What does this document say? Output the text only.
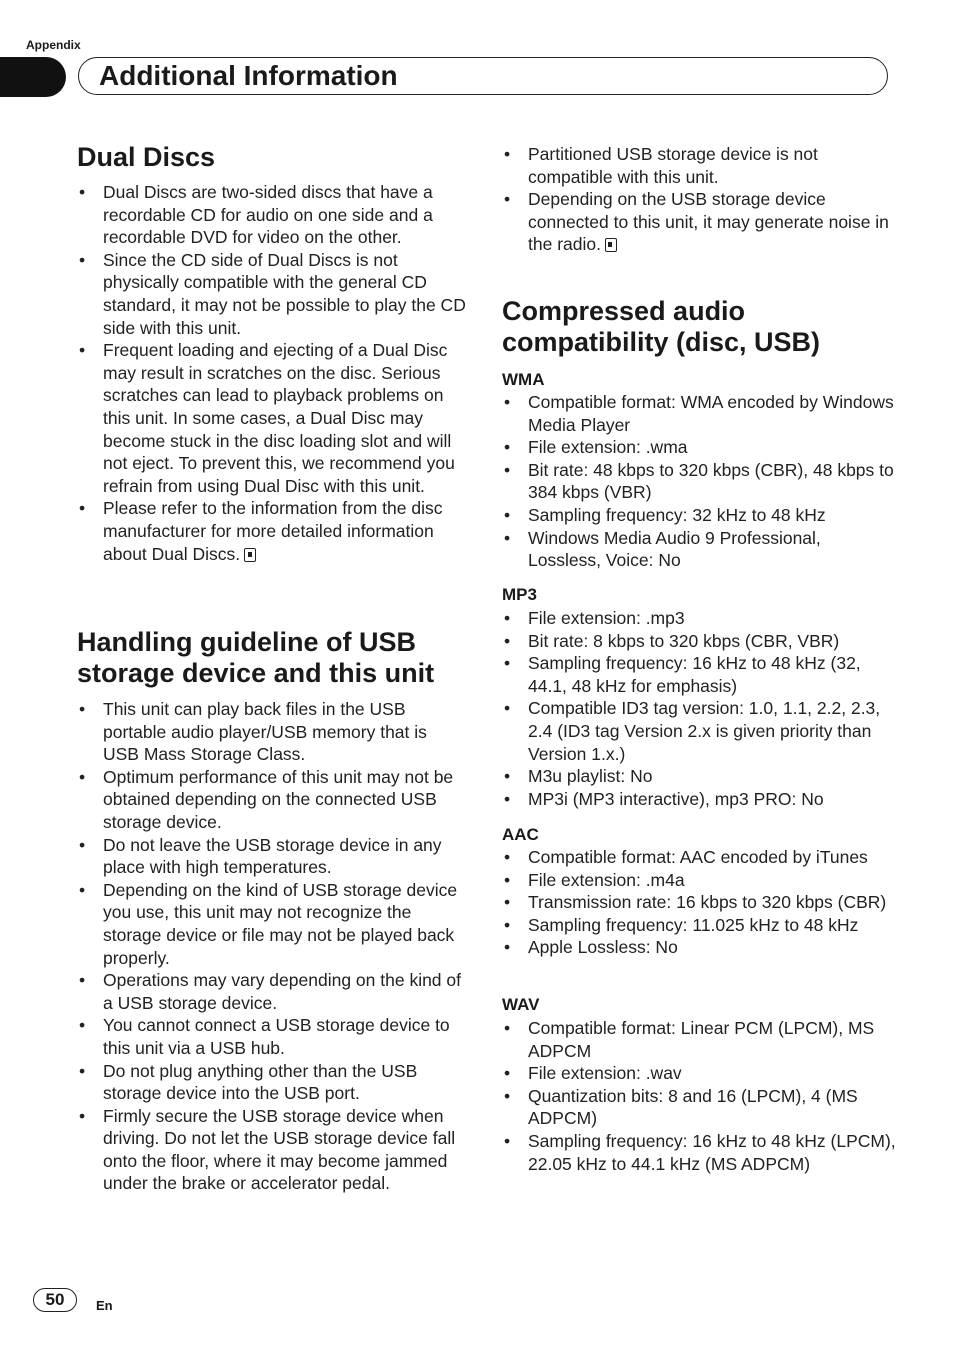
Appendix
Additional Information
Dual Discs
• Dual Discs are two-sided discs that have a recordable CD for audio on one side and a recordable DVD for video on the other.
• Since the CD side of Dual Discs is not physically compatible with the general CD standard, it may not be possible to play the CD side with this unit.
• Frequent loading and ejecting of a Dual Disc may result in scratches on the disc. Serious scratches can lead to playback problems on this unit. In some cases, a Dual Disc may become stuck in the disc loading slot and will not eject. To prevent this, we recommend you refrain from using Dual Disc with this unit.
• Please refer to the information from the disc manufacturer for more detailed information about Dual Discs.
Handling guideline of USB storage device and this unit
• This unit can play back files in the USB portable audio player/USB memory that is USB Mass Storage Class.
• Optimum performance of this unit may not be obtained depending on the connected USB storage device.
• Do not leave the USB storage device in any place with high temperatures.
• Depending on the kind of USB storage device you use, this unit may not recognize the storage device or file may not be played back properly.
• Operations may vary depending on the kind of a USB storage device.
• You cannot connect a USB storage device to this unit via a USB hub.
• Do not plug anything other than the USB storage device into the USB port.
• Firmly secure the USB storage device when driving. Do not let the USB storage device fall onto the floor, where it may become jammed under the brake or accelerator pedal.
• Partitioned USB storage device is not compatible with this unit.
• Depending on the USB storage device connected to this unit, it may generate noise in the radio.
Compressed audio compatibility (disc, USB)
WMA
• Compatible format: WMA encoded by Windows Media Player
• File extension: .wma
• Bit rate: 48 kbps to 320 kbps (CBR), 48 kbps to 384 kbps (VBR)
• Sampling frequency: 32 kHz to 48 kHz
• Windows Media Audio 9 Professional, Lossless, Voice: No
MP3
• File extension: .mp3
• Bit rate: 8 kbps to 320 kbps (CBR, VBR)
• Sampling frequency: 16 kHz to 48 kHz (32, 44.1, 48 kHz for emphasis)
• Compatible ID3 tag version: 1.0, 1.1, 2.2, 2.3, 2.4 (ID3 tag Version 2.x is given priority than Version 1.x.)
• M3u playlist: No
• MP3i (MP3 interactive), mp3 PRO: No
AAC
• Compatible format: AAC encoded by iTunes
• File extension: .m4a
• Transmission rate: 16 kbps to 320 kbps (CBR)
• Sampling frequency: 11.025 kHz to 48 kHz
• Apple Lossless: No
WAV
• Compatible format: Linear PCM (LPCM), MS ADPCM
• File extension: .wav
• Quantization bits: 8 and 16 (LPCM), 4 (MS ADPCM)
• Sampling frequency: 16 kHz to 48 kHz (LPCM), 22.05 kHz to 44.1 kHz (MS ADPCM)
50	En
